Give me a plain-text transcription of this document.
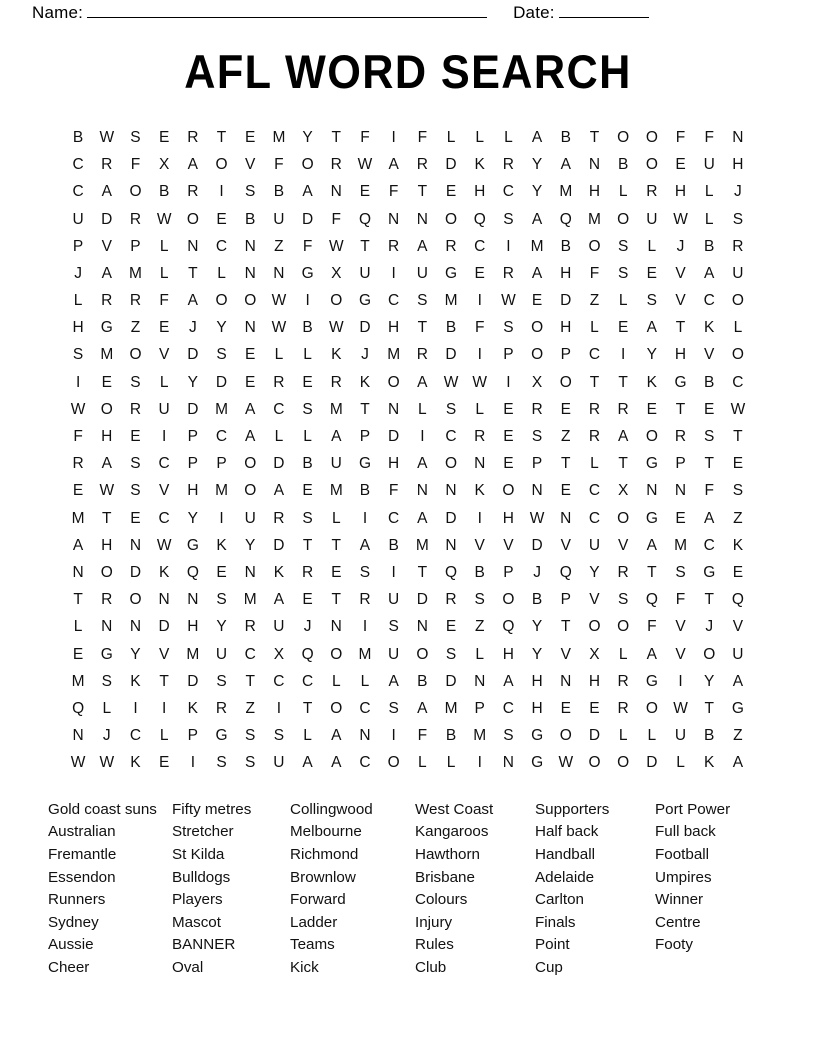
Name:	Date:
AFL WORD SEARCH
B	W	S	E	R	T	E	M	Y	T	F	I	F	L	L	L	A	B	T	O	O	F	F	N
C	R	F	X	A	O	V	F	O	R	W	A	R	D	K	R	Y	A	N	B	O	E	U	H
C	A	O	B	R	I	S	B	A	N	E	F	T	E	H	C	Y	M	H	L	R	H	L	J
U	D	R	W	O	E	B	U	D	F	Q	N	N	O	Q	S	A	Q	M	O	U	W	L	S
P	V	P	L	N	C	N	Z	F	W	T	R	A	R	C	I	M	B	O	S	L	J	B	R
J	A	M	L	T	L	N	N	G	X	U	I	U	G	E	R	A	H	F	S	E	V	A	U
L	R	R	F	A	O	O	W	I	O	G	C	S	M	I	W	E	D	Z	L	S	V	C	O
H	G	Z	E	J	Y	N	W	B	W	D	H	T	B	F	S	O	H	L	E	A	T	K	L
S	M	O	V	D	S	E	L	L	K	J	M	R	D	I	P	O	P	C	I	Y	H	V	O
I	E	S	L	Y	D	E	R	E	R	K	O	A	W	W	I	X	O	T	T	K	G	B	C
W	O	R	U	D	M	A	C	S	M	T	N	L	S	L	E	R	E	R	R	E	T	E	W
F	H	E	I	P	C	A	L	L	A	P	D	I	C	R	E	S	Z	R	A	O	R	S	T
R	A	S	C	P	P	O	D	B	U	G	H	A	O	N	E	P	T	L	T	G	P	T	E
E	W	S	V	H	M	O	A	E	M	B	F	N	N	K	O	N	E	C	X	N	N	F	S
M	T	E	C	Y	I	U	R	S	L	I	C	A	D	I	H	W	N	C	O	G	E	A	Z
A	H	N	W	G	K	Y	D	T	T	A	B	M	N	V	V	D	V	U	V	A	M	C	K
N	O	D	K	Q	E	N	K	R	E	S	I	T	Q	B	P	J	Q	Y	R	T	S	G	E
T	R	O	N	N	S	M	A	E	T	R	U	D	R	S	O	B	P	V	S	Q	F	T	Q
L	N	N	D	H	Y	R	U	J	N	I	S	N	E	Z	Q	Y	T	O	O	F	V	J	V
E	G	Y	V	M	U	C	X	Q	O	M	U	O	S	L	H	Y	V	X	L	A	V	O	U
M	S	K	T	D	S	T	C	C	L	L	A	B	D	N	A	H	N	H	R	G	I	Y	A
Q	L	I	I	K	R	Z	I	T	O	C	S	A	M	P	C	H	E	E	R	O	W	T	G
N	J	C	L	P	G	S	S	L	A	N	I	F	B	M	S	G	O	D	L	L	U	B	Z
W	W	K	E	I	S	S	U	A	A	C	O	L	L	I	N	G	W	O	O	D	L	K	A
Gold coast suns
Australian
Fremantle
Essendon
Runners
Sydney
Aussie
Cheer
Fifty metres
Stretcher
St Kilda
Bulldogs
Players
Mascot
BANNER
Oval
Collingwood
Melbourne
Richmond
Brownlow
Forward
Ladder
Teams
Kick
West Coast
Kangaroos
Hawthorn
Brisbane
Colours
Injury
Rules
Club
Supporters
Half back
Handball
Adelaide
Carlton
Finals
Point
Cup
Port Power
Full back
Football
Umpires
Winner
Centre
Footy
